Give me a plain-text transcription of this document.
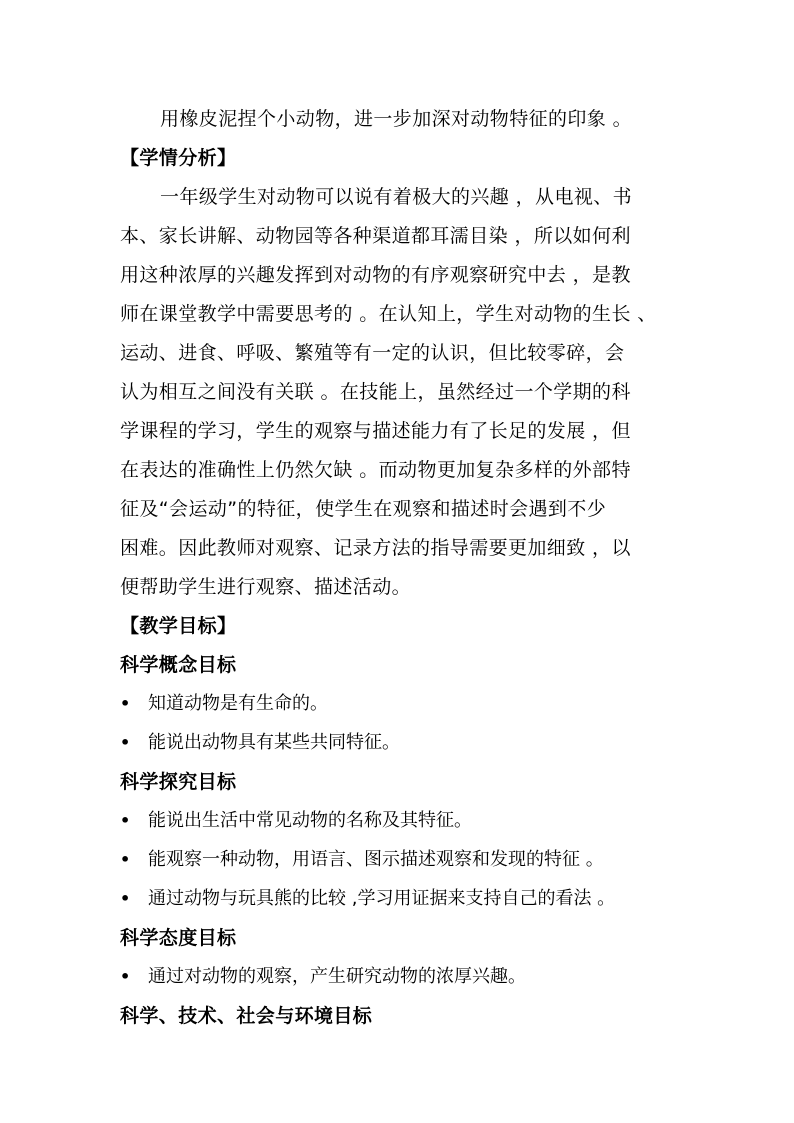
用橡皮泥捏个小动物，进一步加深对动物特征的印象 。
【学情分析】
一年级学生对动物可以说有着极大的兴趣 ，从电视、书
本、家长讲解、动物园等各种渠道都耳濡目染 ，所以如何利
用这种浓厚的兴趣发挥到对动物的有序观察研究中去 ，是教
师在课堂教学中需要思考的 。在认知上，学生对动物的生长 、
运动、进食、呼吸、繁殖等有一定的认识，但比较零碎，会
认为相互之间没有关联 。在技能上，虽然经过一个学期的科
学课程的学习，学生的观察与描述能力有了长足的发展 ，但
在表达的准确性上仍然欠缺 。而动物更加复杂多样的外部特
征及“会运动”的特征，使学生在观察和描述时会遇到不少
困难。因此教师对观察、记录方法的指导需要更加细致 ，以
便帮助学生进行观察、描述活动。
【教学目标】
科学概念目标
• 知道动物是有生命的。
• 能说出动物具有某些共同特征。
科学探究目标
• 能说出生活中常见动物的名称及其特征。
• 能观察一种动物，用语言、图示描述观察和发现的特征 。
• 通过动物与玩具熊的比较 ,学习用证据来支持自己的看法 。
科学态度目标
• 通过对动物的观察，产生研究动物的浓厚兴趣。
科学、技术、社会与环境目标
